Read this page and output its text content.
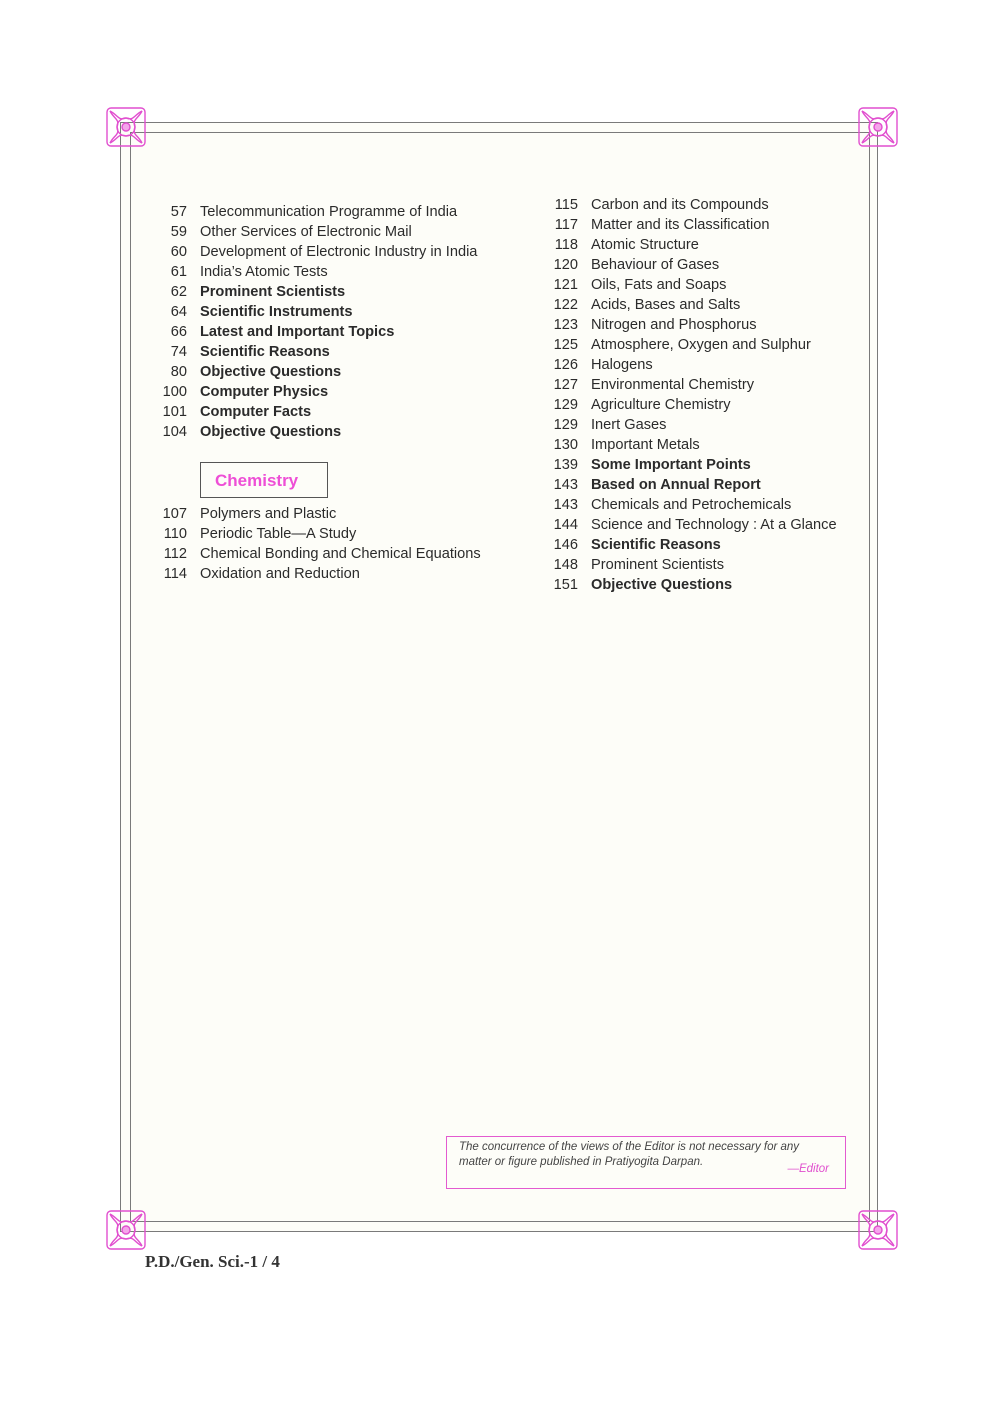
57 Telecommunication Programme of India
59 Other Services of Electronic Mail
60 Development of Electronic Industry in India
61 India’s Atomic Tests
62 Prominent Scientists
64 Scientific Instruments
66 Latest and Important Topics
74 Scientific Reasons
80 Objective Questions
100 Computer Physics
101 Computer Facts
104 Objective Questions
Chemistry
107 Polymers and Plastic
110 Periodic Table—A Study
112 Chemical Bonding and Chemical Equations
114 Oxidation and Reduction
115 Carbon and its Compounds
117 Matter and its Classification
118 Atomic Structure
120 Behaviour of Gases
121 Oils, Fats and Soaps
122 Acids, Bases and Salts
123 Nitrogen and Phosphorus
125 Atmosphere, Oxygen and Sulphur
126 Halogens
127 Environmental Chemistry
129 Agriculture Chemistry
129 Inert Gases
130 Important Metals
139 Some Important Points
143 Based on Annual Report
143 Chemicals and Petrochemicals
144 Science and Technology : At a Glance
146 Scientific Reasons
148 Prominent Scientists
151 Objective Questions
The concurrence of the views of the Editor is not necessary for any
matter or figure published in Pratiyogita Darpan.
—Editor
P.D./Gen. Sci.-1 / 4
